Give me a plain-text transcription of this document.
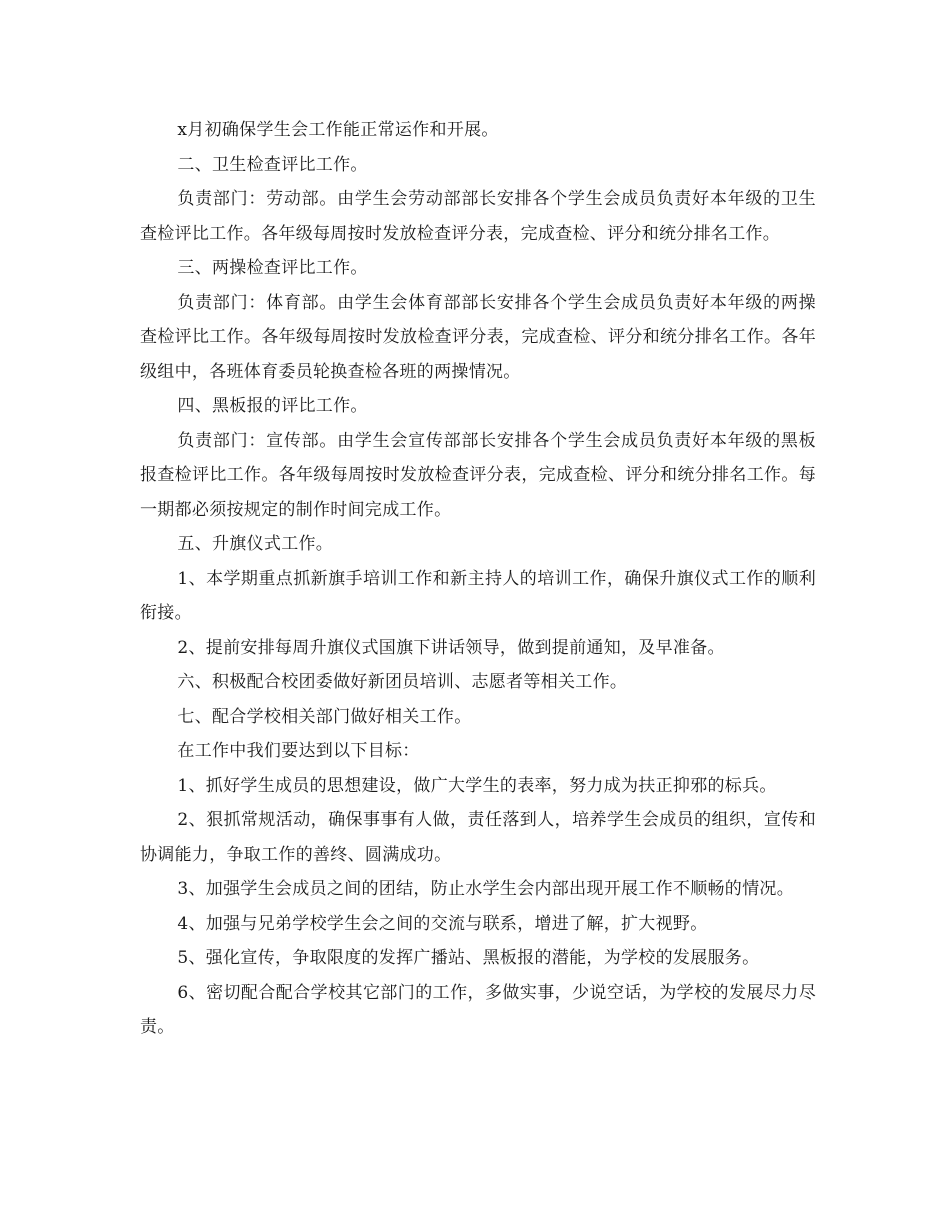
x月初确保学生会工作能正常运作和开展。

二、卫生检查评比工作。

负责部门：劳动部。由学生会劳动部部长安排各个学生会成员负责好本年级的卫生查检评比工作。各年级每周按时发放检查评分表，完成查检、评分和统分排名工作。

三、两操检查评比工作。

负责部门：体育部。由学生会体育部部长安排各个学生会成员负责好本年级的两操查检评比工作。各年级每周按时发放检查评分表，完成查检、评分和统分排名工作。各年级组中，各班体育委员轮换查检各班的两操情况。

四、黑板报的评比工作。

负责部门：宣传部。由学生会宣传部部长安排各个学生会成员负责好本年级的黑板报查检评比工作。各年级每周按时发放检查评分表，完成查检、评分和统分排名工作。每一期都必须按规定的制作时间完成工作。

五、升旗仪式工作。

1、本学期重点抓新旗手培训工作和新主持人的培训工作，确保升旗仪式工作的顺利衔接。

2、提前安排每周升旗仪式国旗下讲话领导，做到提前通知，及早准备。

六、积极配合校团委做好新团员培训、志愿者等相关工作。

七、配合学校相关部门做好相关工作。

在工作中我们要达到以下目标：

1、抓好学生成员的思想建设，做广大学生的表率，努力成为扶正抑邪的标兵。

2、狠抓常规活动，确保事事有人做，责任落到人，培养学生会成员的组织，宣传和协调能力，争取工作的善终、圆满成功。

3、加强学生会成员之间的团结，防止水学生会内部出现开展工作不顺畅的情况。

4、加强与兄弟学校学生会之间的交流与联系，增进了解，扩大视野。

5、强化宣传，争取限度的发挥广播站、黑板报的潜能，为学校的发展服务。

6、密切配合配合学校其它部门的工作，多做实事，少说空话，为学校的发展尽力尽责。
